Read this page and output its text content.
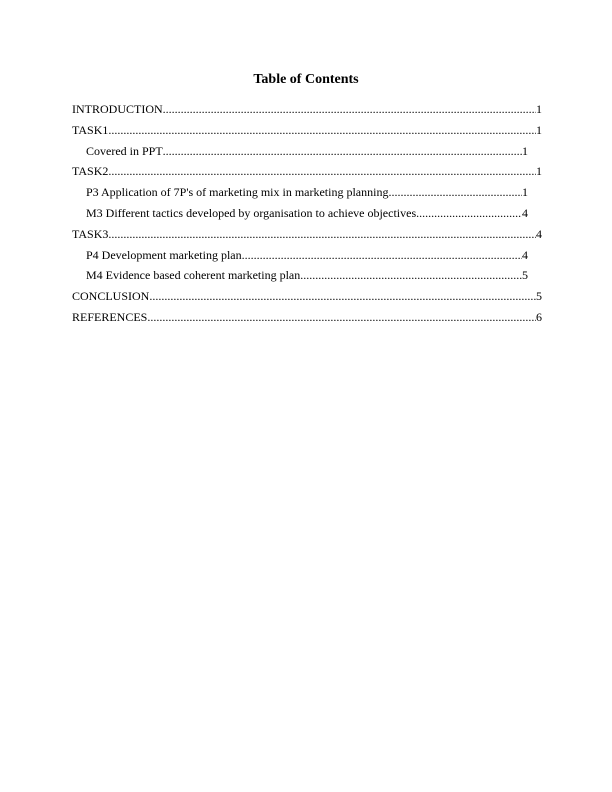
Table of Contents
INTRODUCTION .....	1
TASK1 .....	1
Covered in PPT .....	1
TASK2 .....	1
P3 Application of 7P's of marketing mix in marketing planning .....	1
M3 Different tactics developed by organisation to achieve objectives .....	4
TASK3 .....	4
P4 Development marketing plan .....	4
M4 Evidence based coherent marketing plan .....	5
CONCLUSION .....	5
REFERENCES .....	6
